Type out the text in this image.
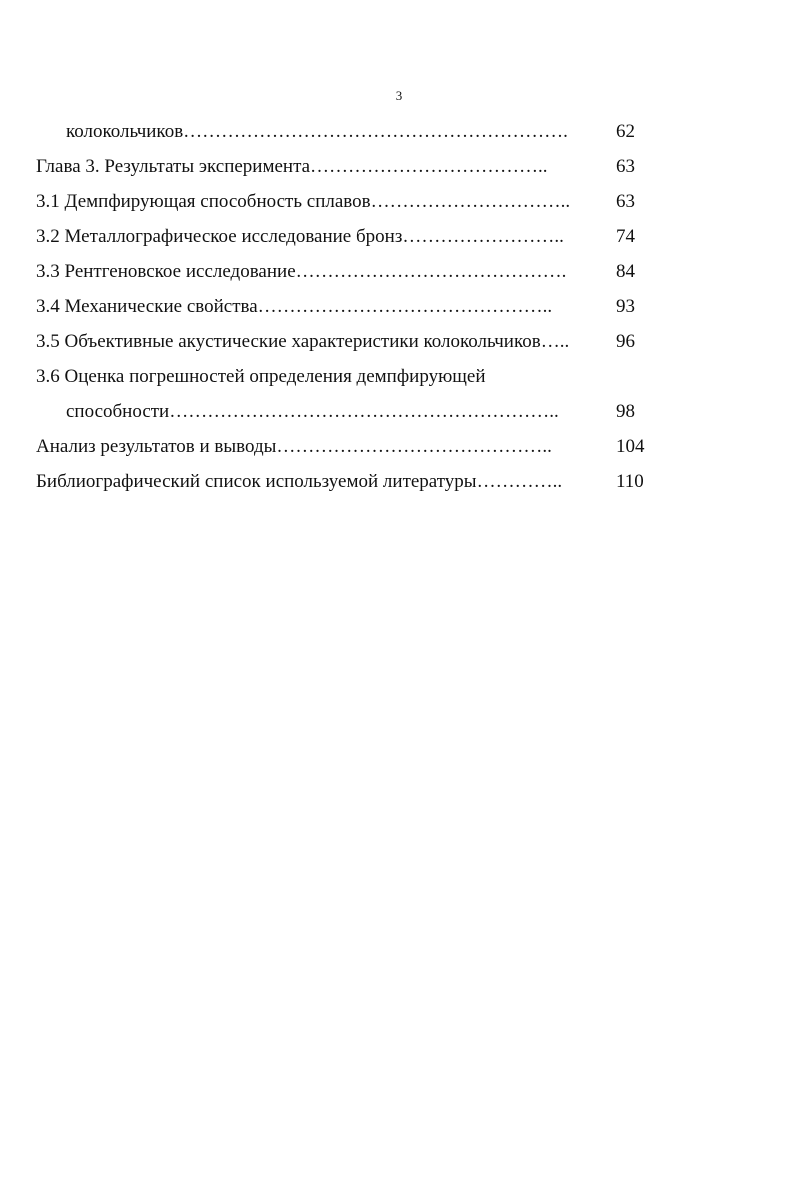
3
колокольчиков…………………………………………………….	62
Глава 3. Результаты эксперимента………………………………..	63
3.1 Демпфирующая способность сплавов………………………….. 63
3.2 Металлографическое исследование бронз……………………..	74
3.3 Рентгеновское исследование…………………………………….	84
3.4 Механические свойства………………………………………..	93
3.5 Объективные акустические характеристики колокольчиков….. 96
3.6 Оценка погрешностей определения демпфирующей
способности……………………………………………………..	98
Анализ результатов и выводы……………………………………..	104
Библиографический список используемой литературы…………..	110
